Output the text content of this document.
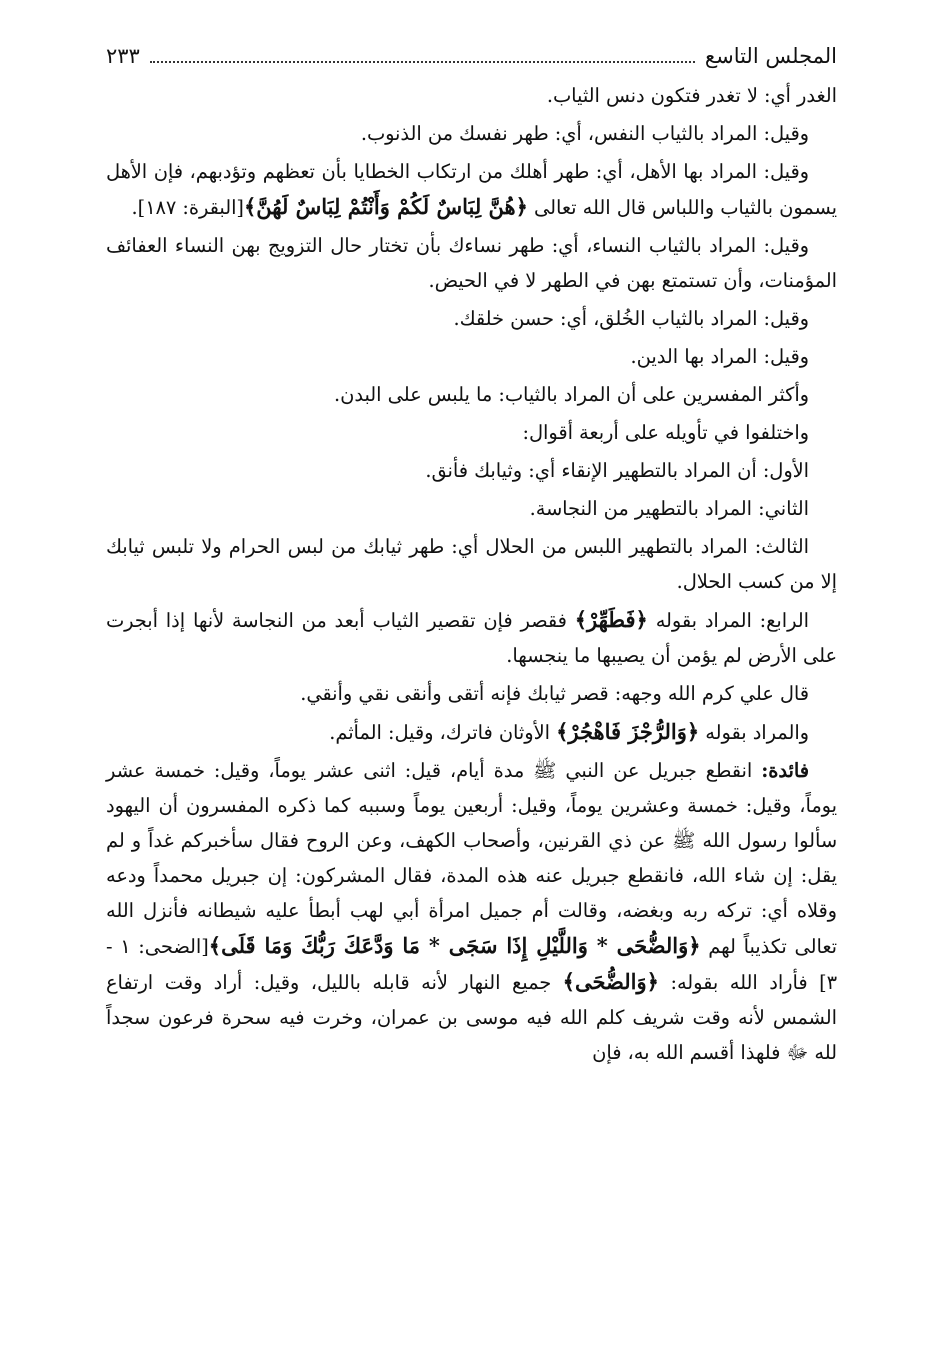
المجلس التاسع
٢٣٣

الغدر أي: لا تغدر فتكون دنس الثياب.

وقيل: المراد بالثياب النفس، أي: طهر نفسك من الذنوب.

وقيل: المراد بها الأهل، أي: طهر أهلك من ارتكاب الخطايا بأن تعظهم وتؤدبهم، فإن الأهل يسمون بالثياب واللباس قال الله تعالى ﴿هُنَّ لِبَاسٌ لَكُمْ وَأَنْتُمْ لِبَاسٌ لَهُنَّ﴾[البقرة: ١٨٧].

وقيل: المراد بالثياب النساء، أي: طهر نساءك بأن تختار حال التزويج بهن النساء العفائف المؤمنات، وأن تستمتع بهن في الطهر لا في الحيض.

وقيل: المراد بالثياب الخُلق، أي: حسن خلقك.

وقيل: المراد بها الدين.

وأكثر المفسرين على أن المراد بالثياب: ما يلبس على البدن.

واختلفوا في تأويله على أربعة أقوال:

الأول: أن المراد بالتطهير الإنقاء أي: وثيابك فأنق.

الثاني: المراد بالتطهير من النجاسة.

الثالث: المراد بالتطهير اللبس من الحلال أي: طهر ثيابك من لبس الحرام ولا تلبس ثيابك إلا من كسب الحلال.

الرابع: المراد بقوله ﴿فَطَهِّرْ﴾ فقصر فإن تقصير الثياب أبعد من النجاسة لأنها إذا أبجرت على الأرض لم يؤمن أن يصيبها ما ينجسها.

قال علي كرم الله وجهه: قصر ثيابك فإنه أتقى وأنقى نقي وأنقي.

والمراد بقوله ﴿وَالرُّجْزَ فَاهْجُرْ﴾ الأوثان فاترك، وقيل: المأثم.

فائدة: انقطع جبريل عن النبي ﷺ مدة أيام، قيل: اثنى عشر يوماً، وقيل: خمسة عشر يوماً، وقيل: خمسة وعشرين يوماً، وقيل: أربعين يوماً وسببه كما ذكره المفسرون أن اليهود سألوا رسول الله ﷺ عن ذي القرنين، وأصحاب الكهف، وعن الروح فقال سأخبركم غداً و لم يقل: إن شاء الله، فانقطع جبريل عنه هذه المدة، فقال المشركون: إن جبريل محمداً ودعه وقلاه أي: تركه ربه وبغضه، وقالت أم جميل امرأة أبي لهب أبطأ عليه شيطانه فأنزل الله تعالى تكذيباً لهم ﴿وَالضُّحَى * وَاللَّيْلِ إِذَا سَجَى * مَا وَدَّعَكَ رَبُّكَ وَمَا قَلَى﴾[الضحى: ١ - ٣] فأراد الله بقوله: ﴿وَالضُّحَى﴾ جميع النهار لأنه قابله بالليل، وقيل: أراد وقت ارتفاع الشمس لأنه وقت شريف كلم الله فيه موسى بن عمران، وخرت فيه سحرة فرعون سجداً لله ﷻ فلهذا أقسم الله به، فإن
